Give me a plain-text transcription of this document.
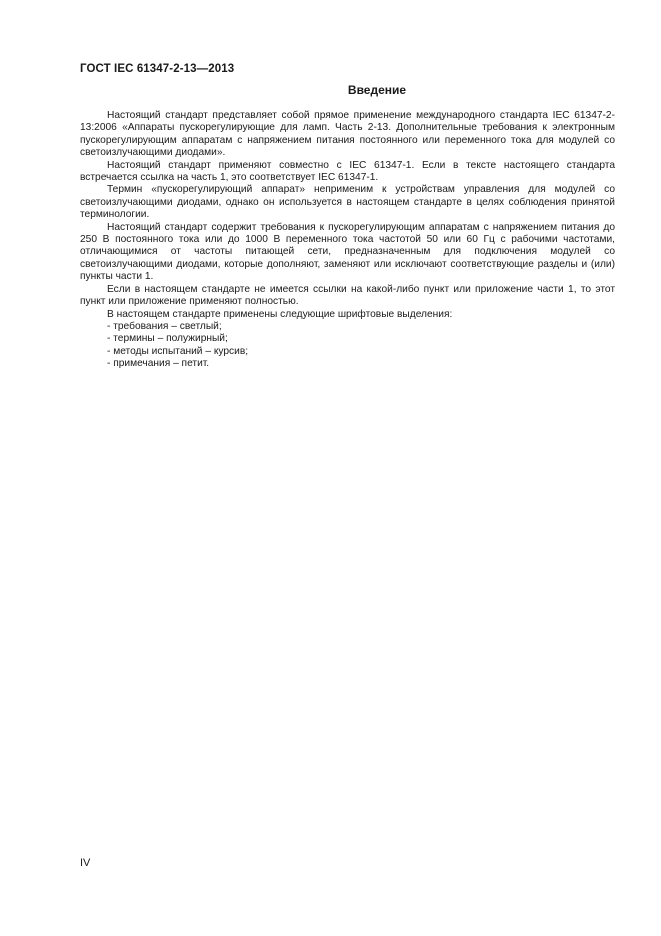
ГОСТ IEC 61347-2-13—2013
Введение

Настоящий стандарт представляет собой прямое применение международного стандарта IEC 61347-2-13:2006 «Аппараты пускорегулирующие для ламп. Часть 2-13. Дополнительные требования к электронным пускорегулирующим аппаратам с напряжением питания постоянного или переменного тока для модулей со светоизлучающими диодами».

Настоящий стандарт применяют совместно с IEC 61347-1. Если в тексте настоящего стандарта встречается ссылка на часть 1, это соответствует IEC 61347-1.

Термин «пускорегулирующий аппарат» неприменим к устройствам управления для модулей со светоизлучающими диодами, однако он используется в настоящем стандарте в целях соблюдения принятой терминологии.

Настоящий стандарт содержит требования к пускорегулирующим аппаратам с напряжением питания до 250 В постоянного тока или до 1000 В переменного тока частотой 50 или 60 Гц с рабочими частотами, отличающимися от частоты питающей сети, предназначенным для подключения модулей со светоизлучающими диодами, которые дополняют, заменяют или исключают соответствующие разделы и (или) пункты части 1.

Если в настоящем стандарте не имеется ссылки на какой-либо пункт или приложение части 1, то этот пункт или приложение применяют полностью.

В настоящем стандарте применены следующие шрифтовые выделения:

- требования – светлый;
- термины – полужирный;
- методы испытаний – курсив;
- примечания – петит.
IV
